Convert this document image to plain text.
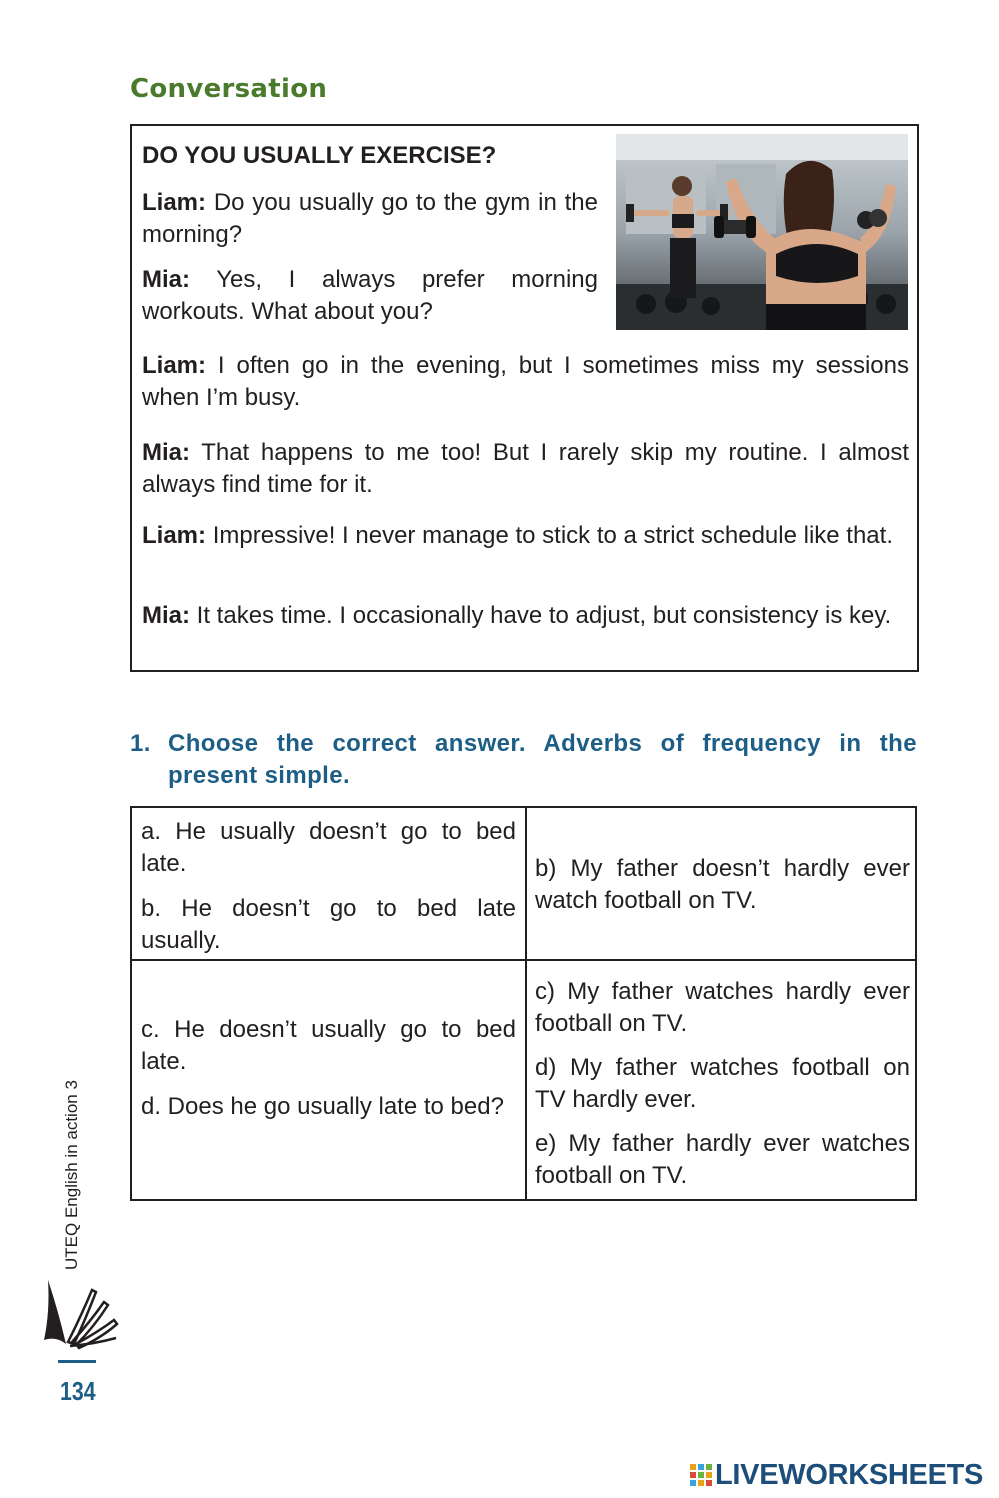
Conversation
DO YOU USUALLY EXERCISE?
Liam: Do you usually go to the gym in the morning?
Mia: Yes, I always prefer morning workouts. What about you?
Liam: I often go in the evening, but I sometimes miss my sessions when I’m busy.
Mia: That happens to me too! But I rarely skip my routine. I almost always find time for it.
Liam: Impressive! I never manage to stick to a strict schedule like that.
Mia: It takes time. I occasionally have to adjust, but consistency is key.
1. Choose the correct answer. Adverbs of frequency in the present simple.
a. He usually doesn’t go to bed late.
b. He doesn’t go to bed late usually.
b) My father doesn’t hardly ever watch football on TV.
c. He doesn’t usually go to bed late.
d. Does he go usually late to bed?
c) My father watches hardly ever football on TV.
d) My father watches football on TV hardly ever.
e) My father hardly ever watches football on TV.
UTEQ English in action 3
134
LIVEWORKSHEETS
